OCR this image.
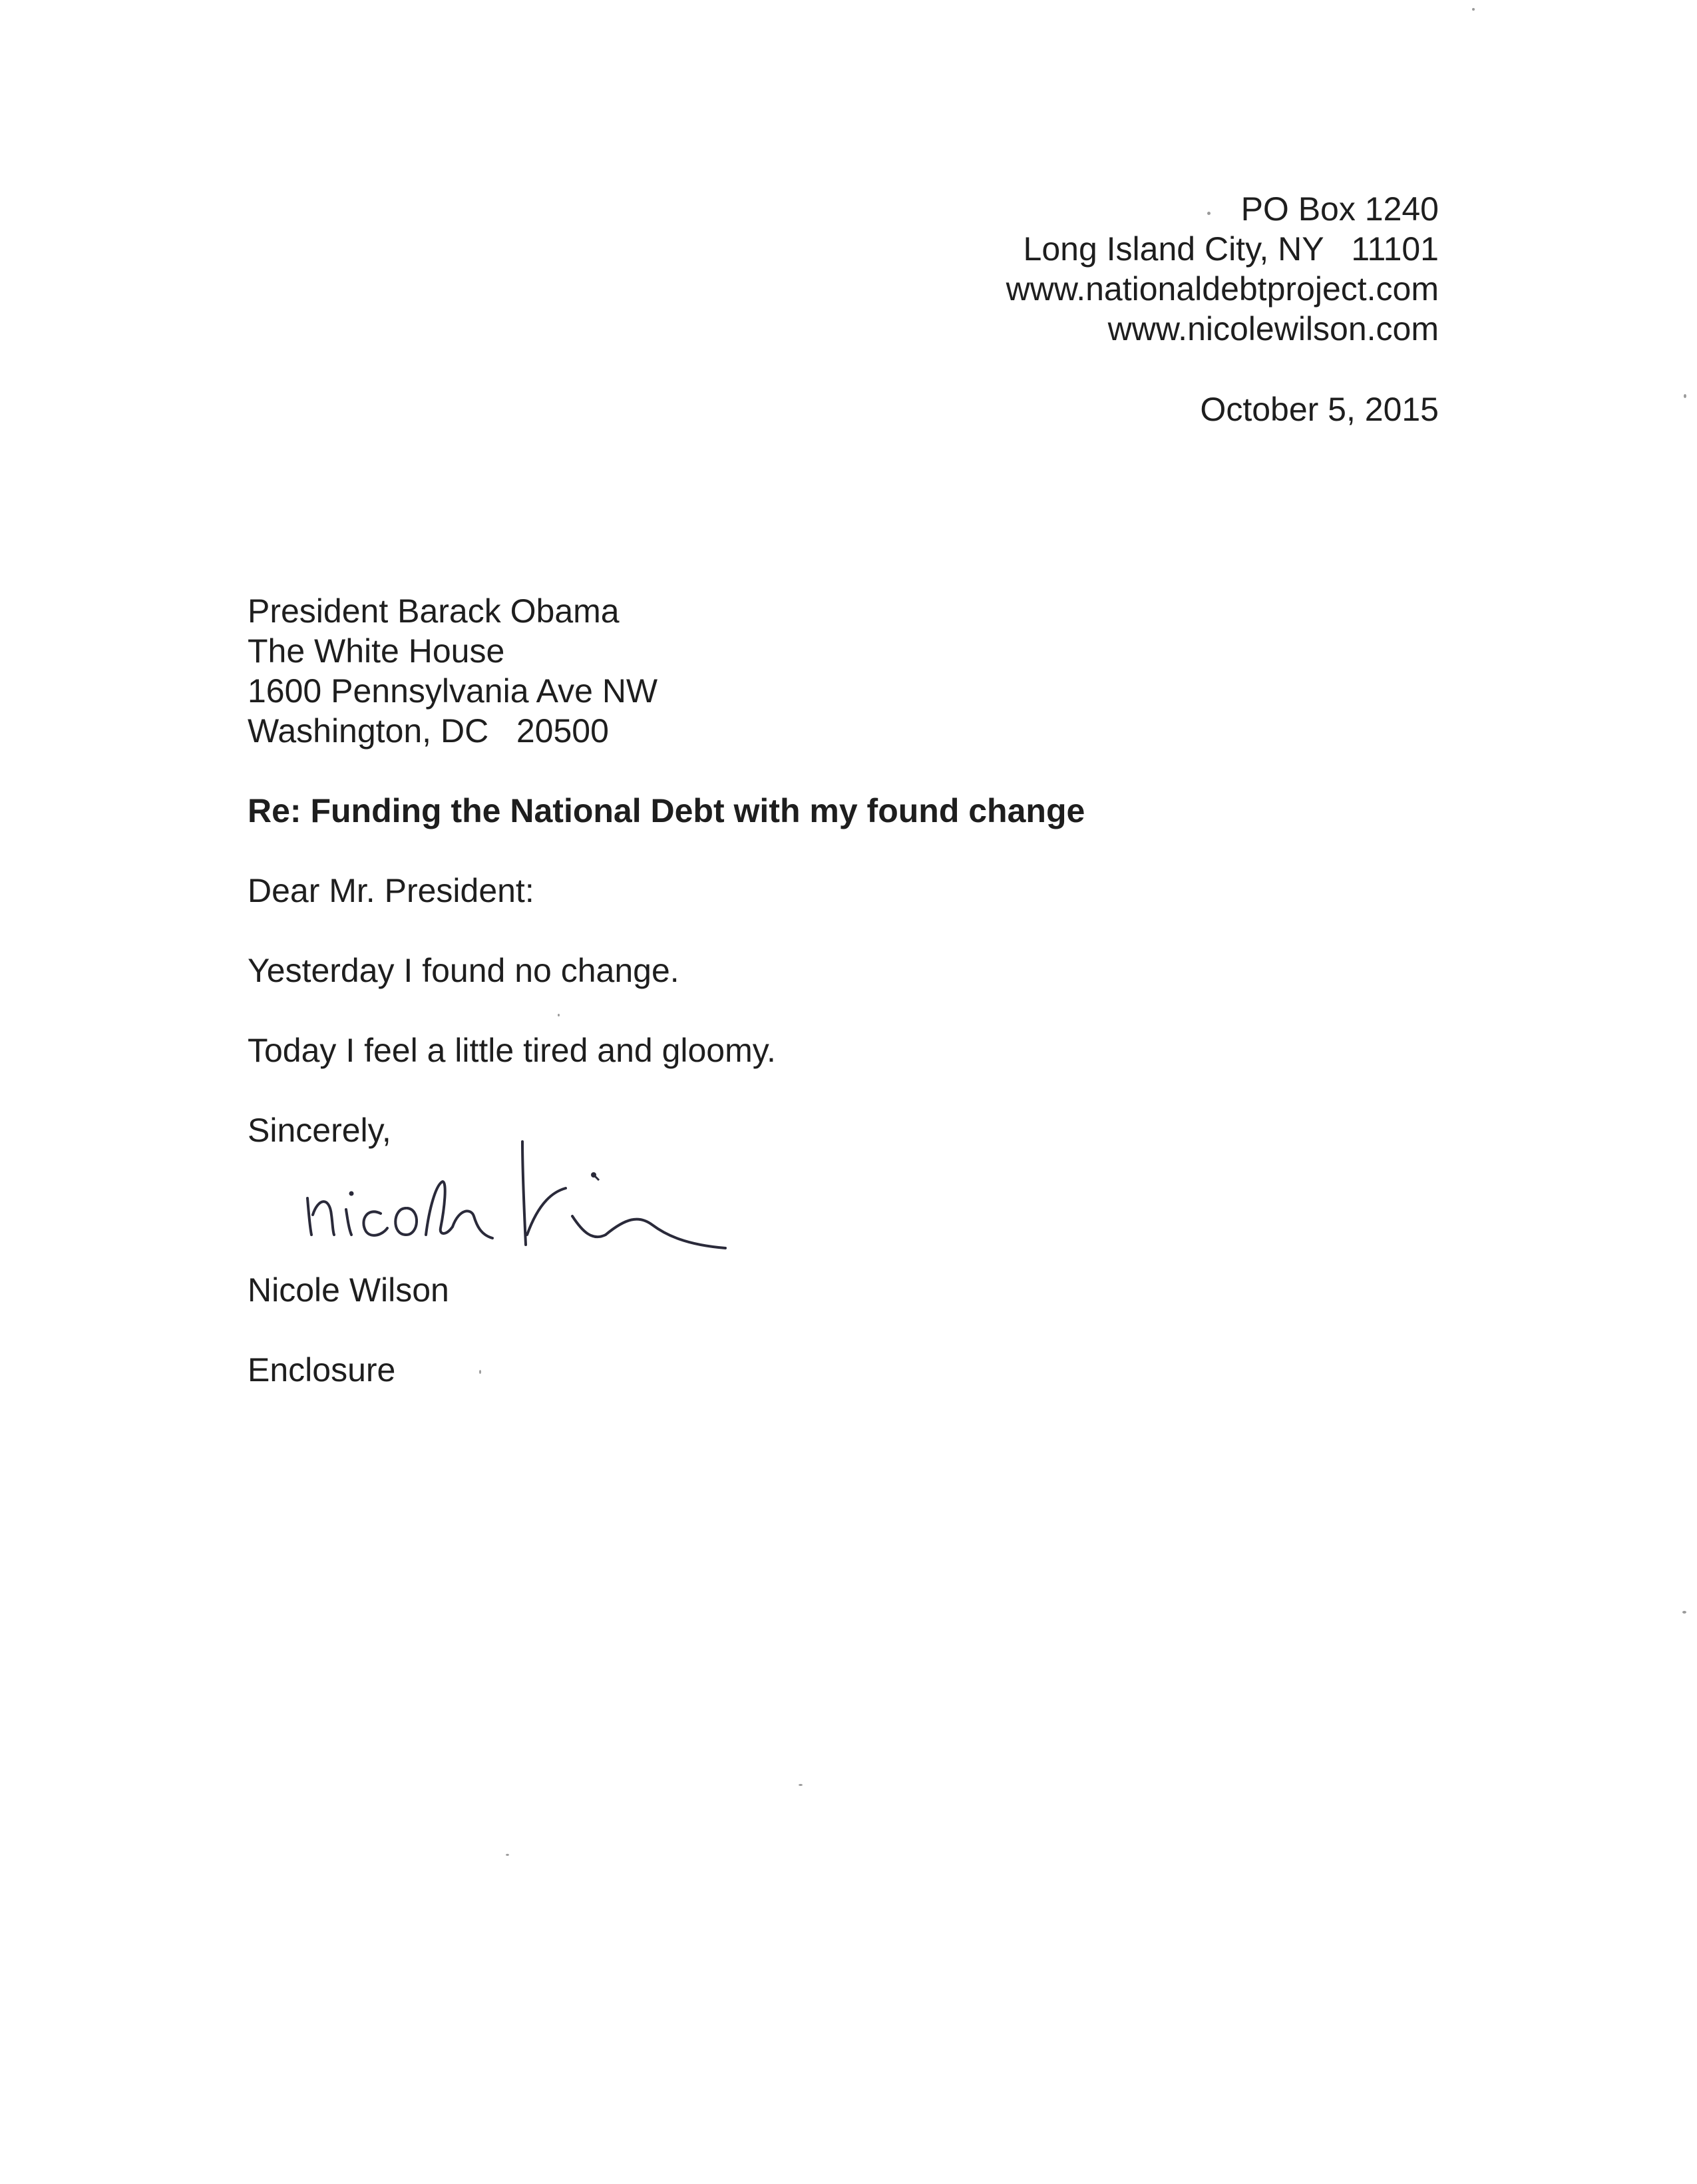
PO Box 1240
Long Island City, NY   11101
www.nationaldebtproject.com
www.nicolewilson.com
October 5, 2015
President Barack Obama
The White House
1600 Pennsylvania Ave NW
Washington, DC   20500
Re: Funding the National Debt with my found change
Dear Mr. President:
Yesterday I found no change.
Today I feel a little tired and gloomy.
Sincerely,
Nicole Wilson
Enclosure
